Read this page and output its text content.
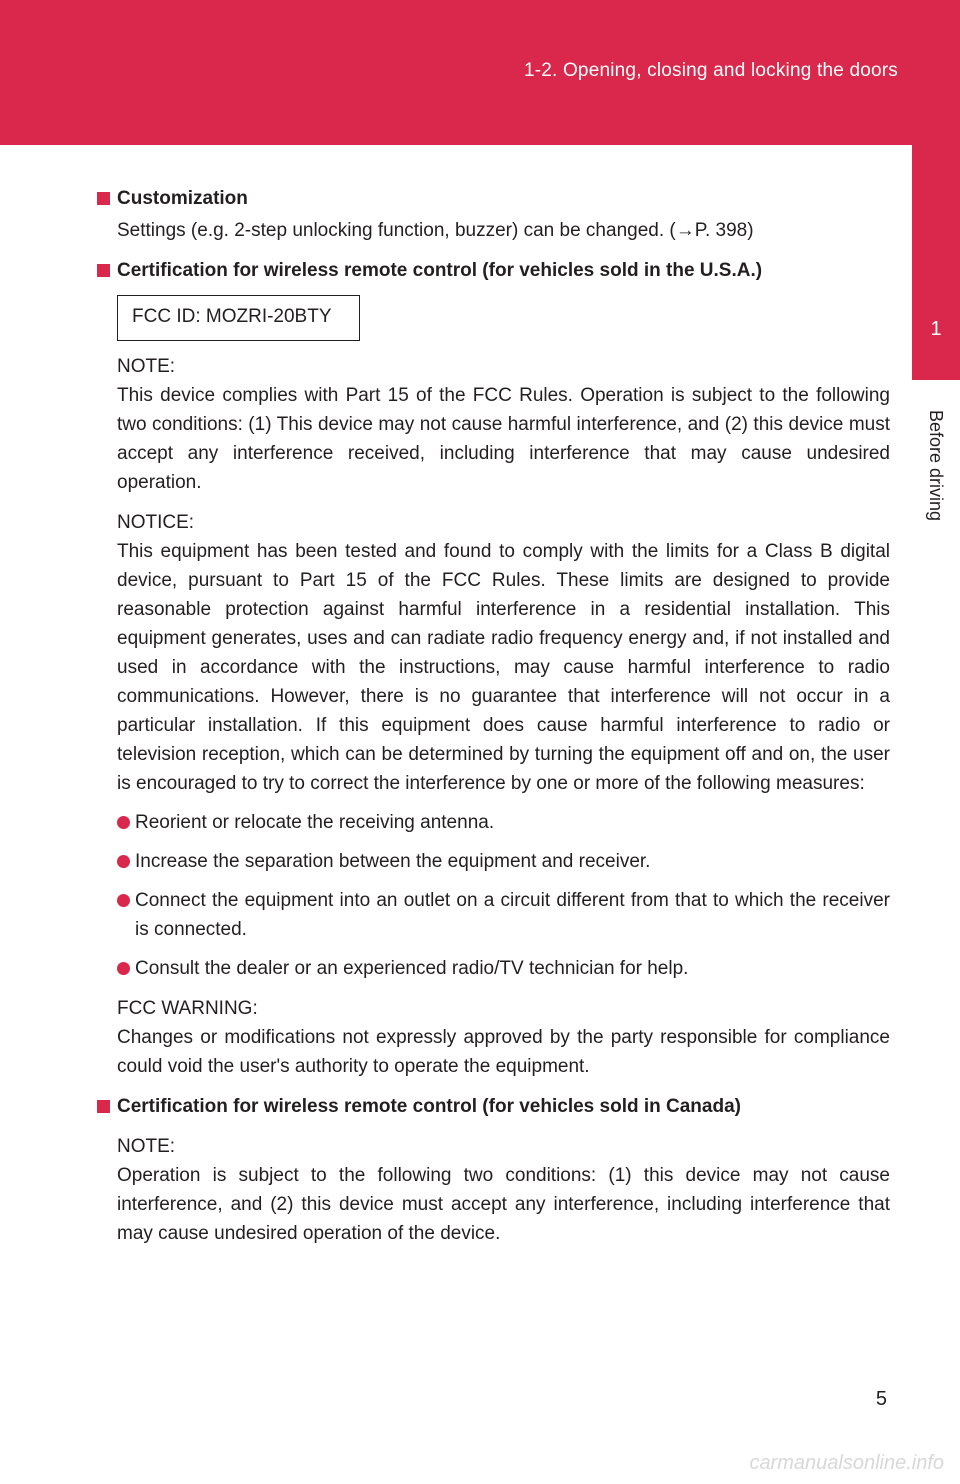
1-2. Opening, closing and locking the doors
1
Before driving
Customization
Settings (e.g. 2-step unlocking function, buzzer) can be changed. (→P. 398)
Certification for wireless remote control (for vehicles sold in the U.S.A.)
FCC ID: MOZRI-20BTY
NOTE:
This device complies with Part 15 of the FCC Rules. Operation is subject to the following two conditions: (1) This device may not cause harmful interference, and (2) this device must accept any interference received, including interference that may cause undesired operation.
NOTICE:
This equipment has been tested and found to comply with the limits for a Class B digital device, pursuant to Part 15 of the FCC Rules. These limits are designed to provide reasonable protection against harmful interference in a residential installation. This equipment generates, uses and can radiate radio frequency energy and, if not installed and used in accordance with the instructions, may cause harmful interference to radio communications. However, there is no guarantee that interference will not occur in a particular installation. If this equipment does cause harmful interference to radio or television reception, which can be determined by turning the equipment off and on, the user is encouraged to try to correct the interference by one or more of the following measures:
Reorient or relocate the receiving antenna.
Increase the separation between the equipment and receiver.
Connect the equipment into an outlet on a circuit different from that to which the receiver is connected.
Consult the dealer or an experienced radio/TV technician for help.
FCC WARNING:
Changes or modifications not expressly approved by the party responsible for compliance could void the user's authority to operate the equipment.
Certification for wireless remote control (for vehicles sold in Canada)
NOTE:
Operation is subject to the following two conditions: (1) this device may not cause interference, and (2) this device must accept any interference, including interference that may cause undesired operation of the device.
5
carmanualsonline.info
